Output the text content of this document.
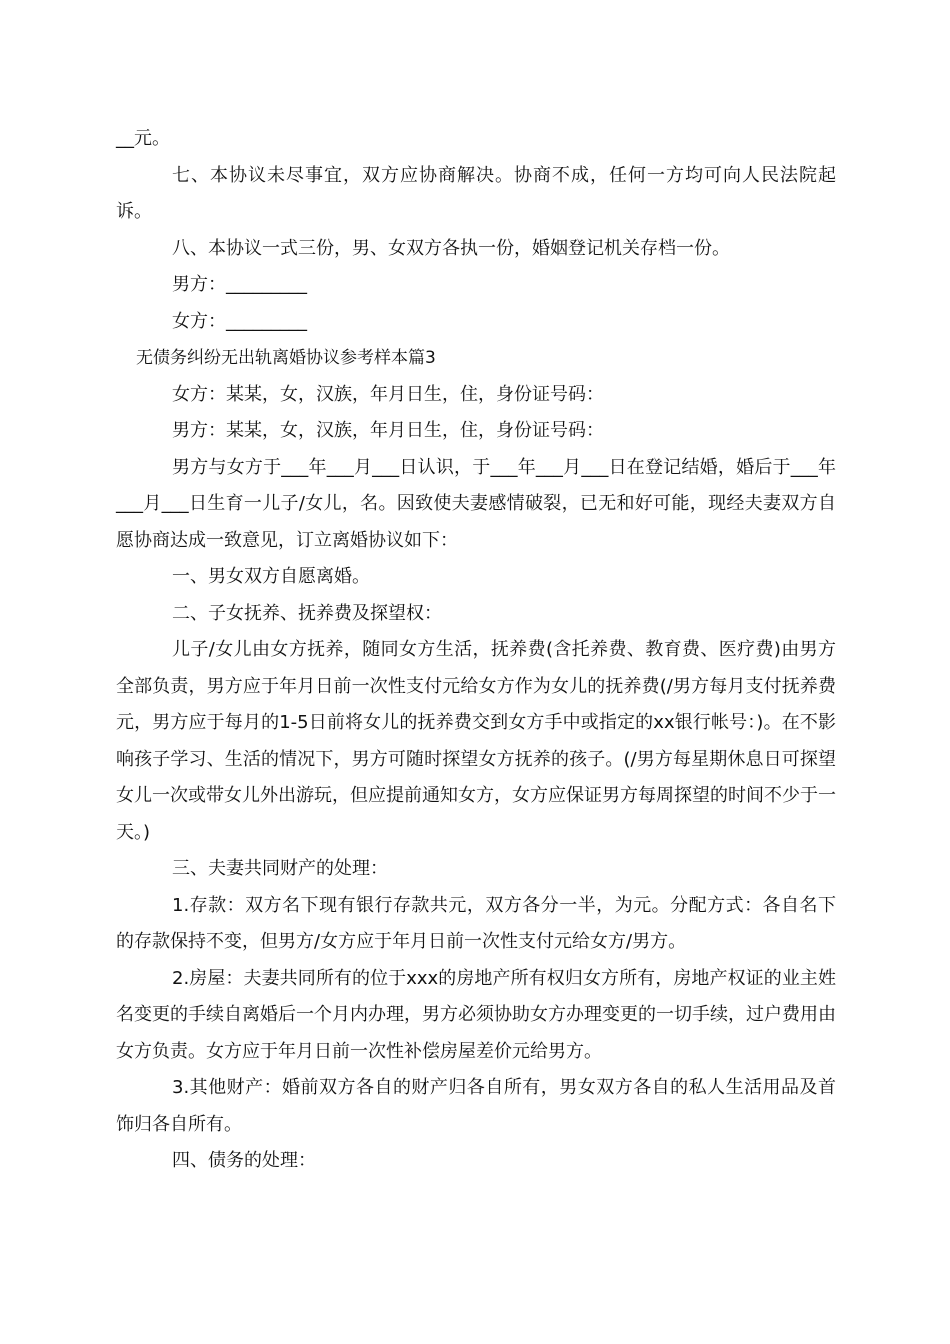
__元。

七、本协议未尽事宜，双方应协商解决。协商不成，任何一方均可向人民法院起诉。

八、本协议一式三份，男、女双方各执一份，婚姻登记机关存档一份。

男方：_________

女方：_________

无债务纠纷无出轨离婚协议参考样本篇3

女方：某某，女，汉族，年月日生，住，身份证号码：

男方：某某，女，汉族，年月日生，住，身份证号码：

男方与女方于___年___月___日认识，于___年___月___日在登记结婚，婚后于___年___月___日生育一儿子/女儿，名。因致使夫妻感情破裂，已无和好可能，现经夫妻双方自愿协商达成一致意见，订立离婚协议如下：

一、男女双方自愿离婚。

二、子女抚养、抚养费及探望权：

儿子/女儿由女方抚养，随同女方生活，抚养费(含托养费、教育费、医疗费)由男方全部负责，男方应于年月日前一次性支付元给女方作为女儿的抚养费(/男方每月支付抚养费元，男方应于每月的1-5日前将女儿的抚养费交到女方手中或指定的xx银行帐号：)。在不影响孩子学习、生活的情况下，男方可随时探望女方抚养的孩子。(/男方每星期休息日可探望女儿一次或带女儿外出游玩，但应提前通知女方，女方应保证男方每周探望的时间不少于一天。)

三、夫妻共同财产的处理：

1.存款：双方名下现有银行存款共元，双方各分一半，为元。分配方式：各自名下的存款保持不变，但男方/女方应于年月日前一次性支付元给女方/男方。

2.房屋：夫妻共同所有的位于xxx的房地产所有权归女方所有，房地产权证的业主姓名变更的手续自离婚后一个月内办理，男方必须协助女方办理变更的一切手续，过户费用由女方负责。女方应于年月日前一次性补偿房屋差价元给男方。

3.其他财产：婚前双方各自的财产归各自所有，男女双方各自的私人生活用品及首饰归各自所有。

四、债务的处理：
